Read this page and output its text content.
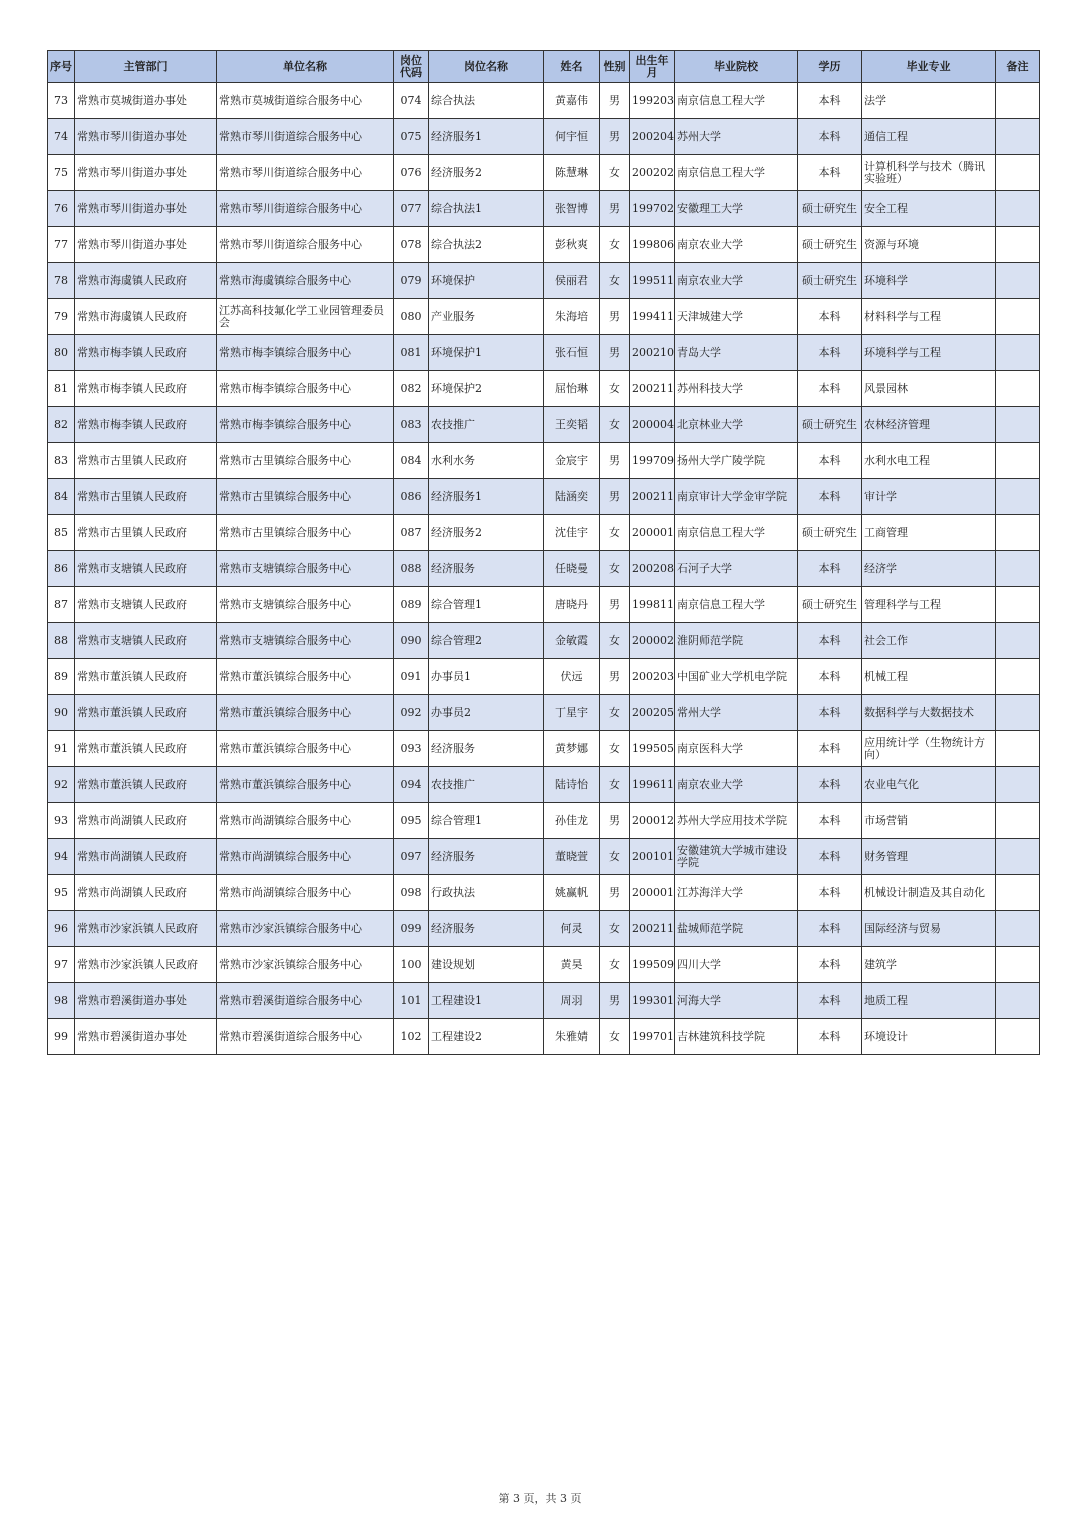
序号	主管部门	单位名称	岗位代码	岗位名称	姓名	性别	出生年月	毕业院校	学历	毕业专业	备注
73	常熟市莫城街道办事处	常熟市莫城街道综合服务中心	074	综合执法	黄嘉伟	男	199203	南京信息工程大学	本科	法学	
74	常熟市琴川街道办事处	常熟市琴川街道综合服务中心	075	经济服务1	何宇恒	男	200204	苏州大学	本科	通信工程	
75	常熟市琴川街道办事处	常熟市琴川街道综合服务中心	076	经济服务2	陈慧琳	女	200202	南京信息工程大学	本科	计算机科学与技术（腾讯实验班）	
76	常熟市琴川街道办事处	常熟市琴川街道综合服务中心	077	综合执法1	张智博	男	199702	安徽理工大学	硕士研究生	安全工程	
77	常熟市琴川街道办事处	常熟市琴川街道综合服务中心	078	综合执法2	彭秋爽	女	199806	南京农业大学	硕士研究生	资源与环境	
78	常熟市海虞镇人民政府	常熟市海虞镇综合服务中心	079	环境保护	侯丽君	女	199511	南京农业大学	硕士研究生	环境科学	
79	常熟市海虞镇人民政府	江苏高科技氟化学工业园管理委员会	080	产业服务	朱海培	男	199411	天津城建大学	本科	材料科学与工程	
80	常熟市梅李镇人民政府	常熟市梅李镇综合服务中心	081	环境保护1	张石恒	男	200210	青岛大学	本科	环境科学与工程	
81	常熟市梅李镇人民政府	常熟市梅李镇综合服务中心	082	环境保护2	屈怡琳	女	200211	苏州科技大学	本科	风景园林	
82	常熟市梅李镇人民政府	常熟市梅李镇综合服务中心	083	农技推广	王奕韬	女	200004	北京林业大学	硕士研究生	农林经济管理	
83	常熟市古里镇人民政府	常熟市古里镇综合服务中心	084	水利水务	金宸宇	男	199709	扬州大学广陵学院	本科	水利水电工程	
84	常熟市古里镇人民政府	常熟市古里镇综合服务中心	086	经济服务1	陆涵奕	男	200211	南京审计大学金审学院	本科	审计学	
85	常熟市古里镇人民政府	常熟市古里镇综合服务中心	087	经济服务2	沈佳宇	女	200001	南京信息工程大学	硕士研究生	工商管理	
86	常熟市支塘镇人民政府	常熟市支塘镇综合服务中心	088	经济服务	任晓曼	女	200208	石河子大学	本科	经济学	
87	常熟市支塘镇人民政府	常熟市支塘镇综合服务中心	089	综合管理1	唐晓丹	男	199811	南京信息工程大学	硕士研究生	管理科学与工程	
88	常熟市支塘镇人民政府	常熟市支塘镇综合服务中心	090	综合管理2	金敏霞	女	200002	淮阴师范学院	本科	社会工作	
89	常熟市董浜镇人民政府	常熟市董浜镇综合服务中心	091	办事员1	伏远	男	200203	中国矿业大学机电学院	本科	机械工程	
90	常熟市董浜镇人民政府	常熟市董浜镇综合服务中心	092	办事员2	丁星宇	女	200205	常州大学	本科	数据科学与大数据技术	
91	常熟市董浜镇人民政府	常熟市董浜镇综合服务中心	093	经济服务	黄梦娜	女	199505	南京医科大学	本科	应用统计学（生物统计方向）	
92	常熟市董浜镇人民政府	常熟市董浜镇综合服务中心	094	农技推广	陆诗怡	女	199611	南京农业大学	本科	农业电气化	
93	常熟市尚湖镇人民政府	常熟市尚湖镇综合服务中心	095	综合管理1	孙佳龙	男	200012	苏州大学应用技术学院	本科	市场营销	
94	常熟市尚湖镇人民政府	常熟市尚湖镇综合服务中心	097	经济服务	董晓萱	女	200101	安徽建筑大学城市建设学院	本科	财务管理	
95	常熟市尚湖镇人民政府	常熟市尚湖镇综合服务中心	098	行政执法	姚赢帆	男	200001	江苏海洋大学	本科	机械设计制造及其自动化	
96	常熟市沙家浜镇人民政府	常熟市沙家浜镇综合服务中心	099	经济服务	何灵	女	200211	盐城师范学院	本科	国际经济与贸易	
97	常熟市沙家浜镇人民政府	常熟市沙家浜镇综合服务中心	100	建设规划	黄昊	女	199509	四川大学	本科	建筑学	
98	常熟市碧溪街道办事处	常熟市碧溪街道综合服务中心	101	工程建设1	周羽	男	199301	河海大学	本科	地质工程	
99	常熟市碧溪街道办事处	常熟市碧溪街道综合服务中心	102	工程建设2	朱雅婧	女	199701	吉林建筑科技学院	本科	环境设计	
第 3 页，共 3 页
